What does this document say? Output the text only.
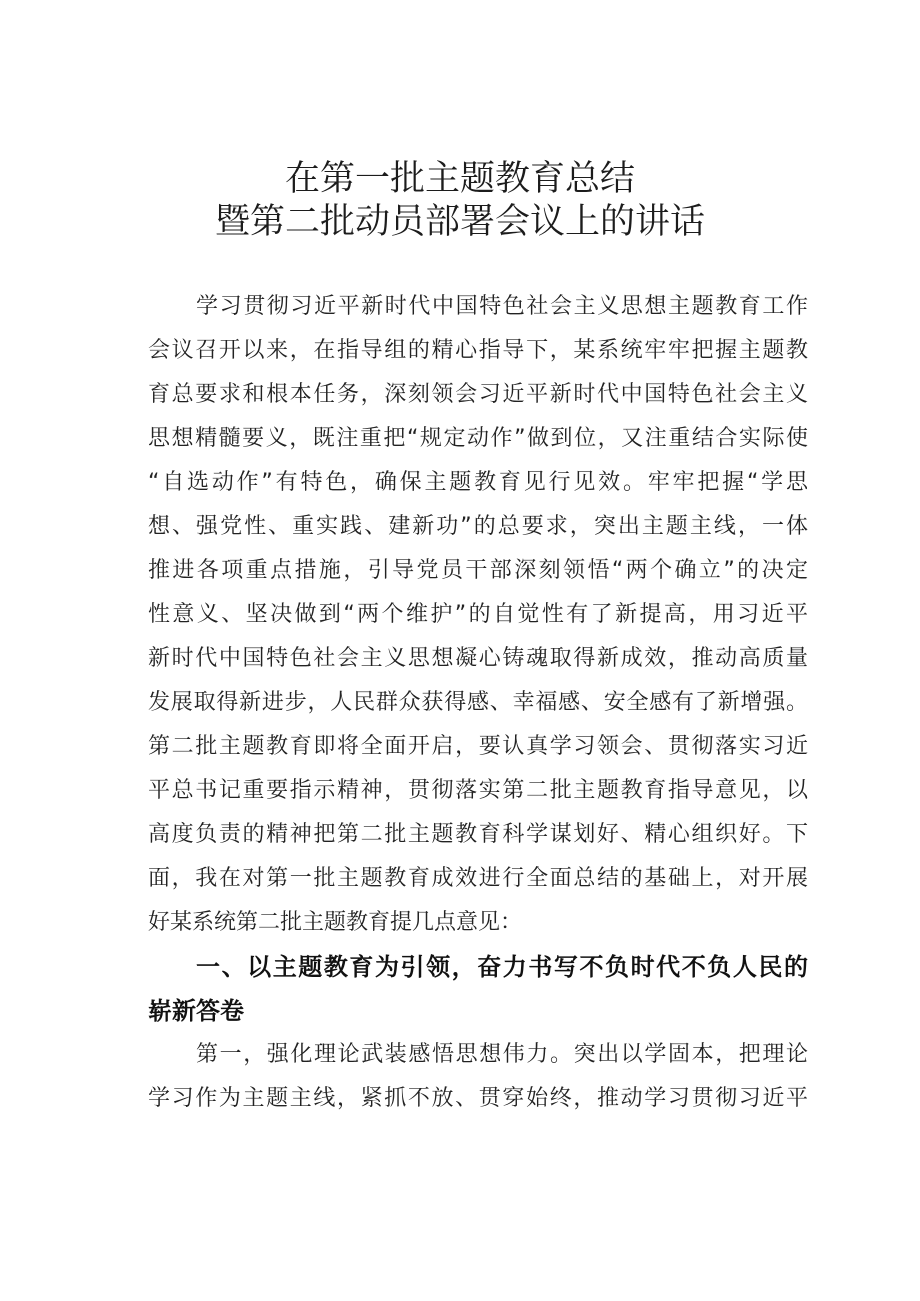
在第一批主题教育总结
暨第二批动员部署会议上的讲话
学习贯彻习近平新时代中国特色社会主义思想主题教育工作
会议召开以来，在指导组的精心指导下，某系统牢牢把握主题教
育总要求和根本任务，深刻领会习近平新时代中国特色社会主义
思想精髓要义，既注重把“规定动作”做到位，又注重结合实际使
“自选动作”有特色，确保主题教育见行见效。牢牢把握“学思
想、强党性、重实践、建新功”的总要求，突出主题主线，一体
推进各项重点措施，引导党员干部深刻领悟“两个确立”的决定
性意义、坚决做到“两个维护”的自觉性有了新提高，用习近平
新时代中国特色社会主义思想凝心铸魂取得新成效，推动高质量
发展取得新进步，人民群众获得感、幸福感、安全感有了新增强。
第二批主题教育即将全面开启，要认真学习领会、贯彻落实习近
平总书记重要指示精神，贯彻落实第二批主题教育指导意见，以
高度负责的精神把第二批主题教育科学谋划好、精心组织好。下
面，我在对第一批主题教育成效进行全面总结的基础上，对开展
好某系统第二批主题教育提几点意见：
一、以主题教育为引领，奋力书写不负时代不负人民的
崭新答卷
第一，强化理论武装感悟思想伟力。突出以学固本，把理论
学习作为主题主线，紧抓不放、贯穿始终，推动学习贯彻习近平
